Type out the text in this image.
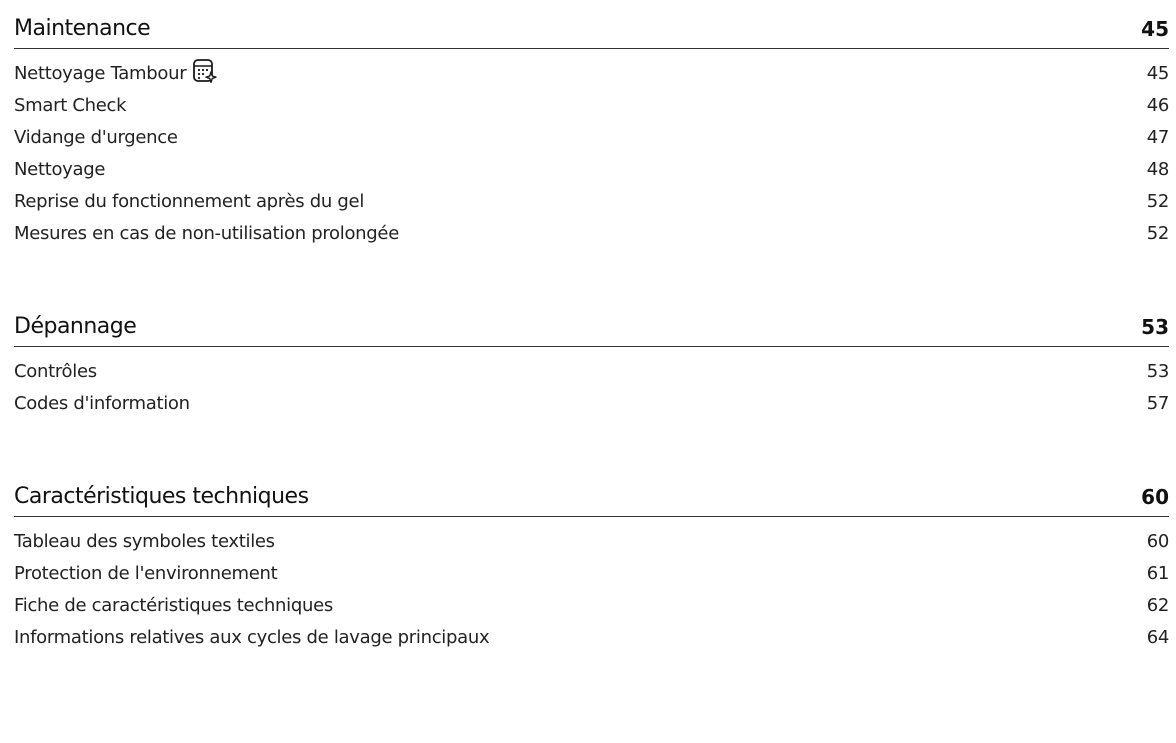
Maintenance	45
Nettoyage Tambour	45
Smart Check	46
Vidange d'urgence	47
Nettoyage	48
Reprise du fonctionnement après du gel	52
Mesures en cas de non-utilisation prolongée	52
Dépannage	53
Contrôles	53
Codes d'information	57
Caractéristiques techniques	60
Tableau des symboles textiles	60
Protection de l'environnement	61
Fiche de caractéristiques techniques	62
Informations relatives aux cycles de lavage principaux	64
